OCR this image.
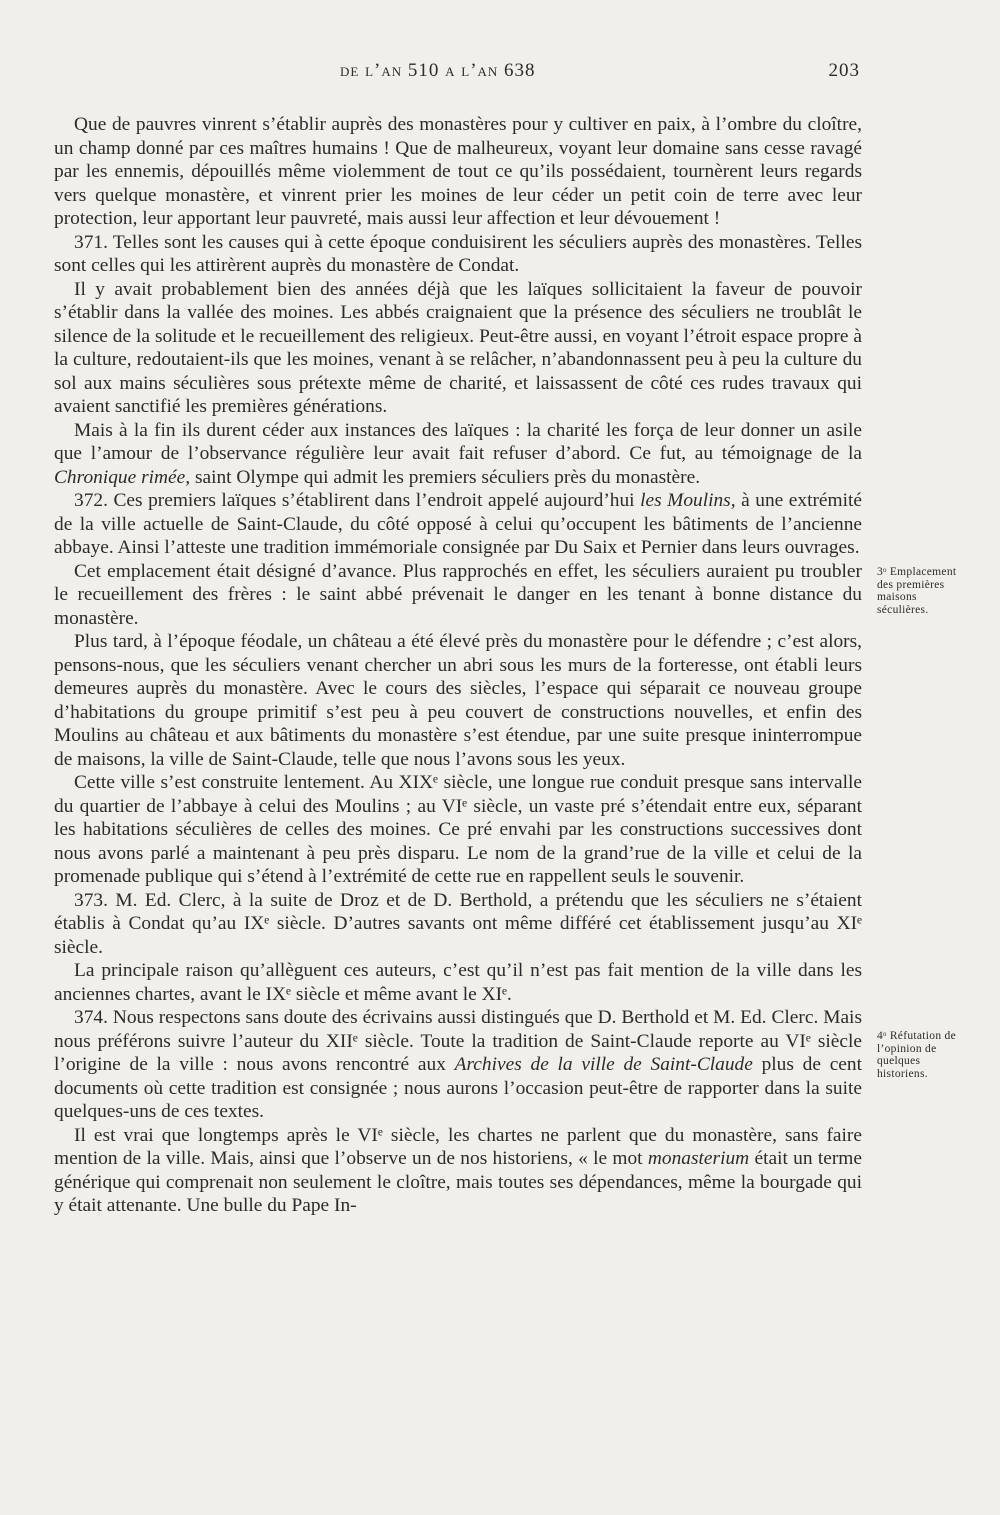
de l’an 510 a l’an 638	203

Que de pauvres vinrent s’établir auprès des monastères pour y cultiver en paix, à l’ombre du cloître, un champ donné par ces maîtres humains ! Que de malheureux, voyant leur domaine sans cesse ravagé par les ennemis, dépouillés même violemment de tout ce qu’ils possédaient, tournèrent leurs regards vers quelque monastère, et vinrent prier les moines de leur céder un petit coin de terre avec leur protection, leur apportant leur pauvreté, mais aussi leur affection et leur dévouement !

371. Telles sont les causes qui à cette époque conduisirent les séculiers auprès des monastères. Telles sont celles qui les attirèrent auprès du monastère de Condat.

Il y avait probablement bien des années déjà que les laïques sollicitaient la faveur de pouvoir s’établir dans la vallée des moines. Les abbés craignaient que la présence des séculiers ne troublât le silence de la solitude et le recueillement des religieux. Peut-être aussi, en voyant l’étroit espace propre à la culture, redoutaient-ils que les moines, venant à se relâcher, n’abandonnassent peu à peu la culture du sol aux mains séculières sous prétexte même de charité, et laissassent de côté ces rudes travaux qui avaient sanctifié les premières générations.

Mais à la fin ils durent céder aux instances des laïques : la charité les força de leur donner un asile que l’amour de l’observance régulière leur avait fait refuser d’abord. Ce fut, au témoignage de la Chronique rimée, saint Olympe qui admit les premiers séculiers près du monastère.

372. Ces premiers laïques s’établirent dans l’endroit appelé aujourd’hui les Moulins, à une extrémité de la ville actuelle de Saint-Claude, du côté opposé à celui qu’occupent les bâtiments de l’ancienne abbaye. Ainsi l’atteste une tradition immémoriale consignée par Du Saix et Pernier dans leurs ouvrages.

Cet emplacement était désigné d’avance. Plus rapprochés en effet, les séculiers auraient pu troubler le recueillement des frères : le saint abbé prévenait le danger en les tenant à bonne distance du monastère.

Plus tard, à l’époque féodale, un château a été élevé près du monastère pour le défendre ; c’est alors, pensons-nous, que les séculiers venant chercher un abri sous les murs de la forteresse, ont établi leurs demeures auprès du monastère. Avec le cours des siècles, l’espace qui séparait ce nouveau groupe d’habitations du groupe primitif s’est peu à peu couvert de constructions nouvelles, et enfin des Moulins au château et aux bâtiments du monastère s’est étendue, par une suite presque ininterrompue de maisons, la ville de Saint-Claude, telle que nous l’avons sous les yeux.

Cette ville s’est construite lentement. Au XIXᵉ siècle, une longue rue conduit presque sans intervalle du quartier de l’abbaye à celui des Moulins ; au VIᵉ siècle, un vaste pré s’étendait entre eux, séparant les habitations séculières de celles des moines. Ce pré envahi par les constructions successives dont nous avons parlé a maintenant à peu près disparu. Le nom de la grand’rue de la ville et celui de la promenade publique qui s’étend à l’extrémité de cette rue en rappellent seuls le souvenir.

373. M. Ed. Clerc, à la suite de Droz et de D. Berthold, a prétendu que les séculiers ne s’étaient établis à Condat qu’au IXᵉ siècle. D’autres savants ont même différé cet établissement jusqu’au XIᵉ siècle.

La principale raison qu’allèguent ces auteurs, c’est qu’il n’est pas fait mention de la ville dans les anciennes chartes, avant le IXᵉ siècle et même avant le XIᵉ.

374. Nous respectons sans doute des écrivains aussi distingués que D. Berthold et M. Ed. Clerc. Mais nous préférons suivre l’auteur du XIIᵉ siècle. Toute la tradition de Saint-Claude reporte au VIᵉ siècle l’origine de la ville : nous avons rencontré aux Archives de la ville de Saint-Claude plus de cent documents où cette tradition est consignée ; nous aurons l’occasion peut-être de rapporter dans la suite quelques-uns de ces textes.

Il est vrai que longtemps après le VIᵉ siècle, les chartes ne parlent que du monastère, sans faire mention de la ville. Mais, ainsi que l’observe un de nos historiens, « le mot monasterium était un terme générique qui comprenait non seulement le cloître, mais toutes ses dépendances, même la bourgade qui y était attenante. Une bulle du Pape In-

3ᵒ Emplacement des premières maisons séculières.
4ᵒ Réfutation de l’opinion de quelques historiens.
